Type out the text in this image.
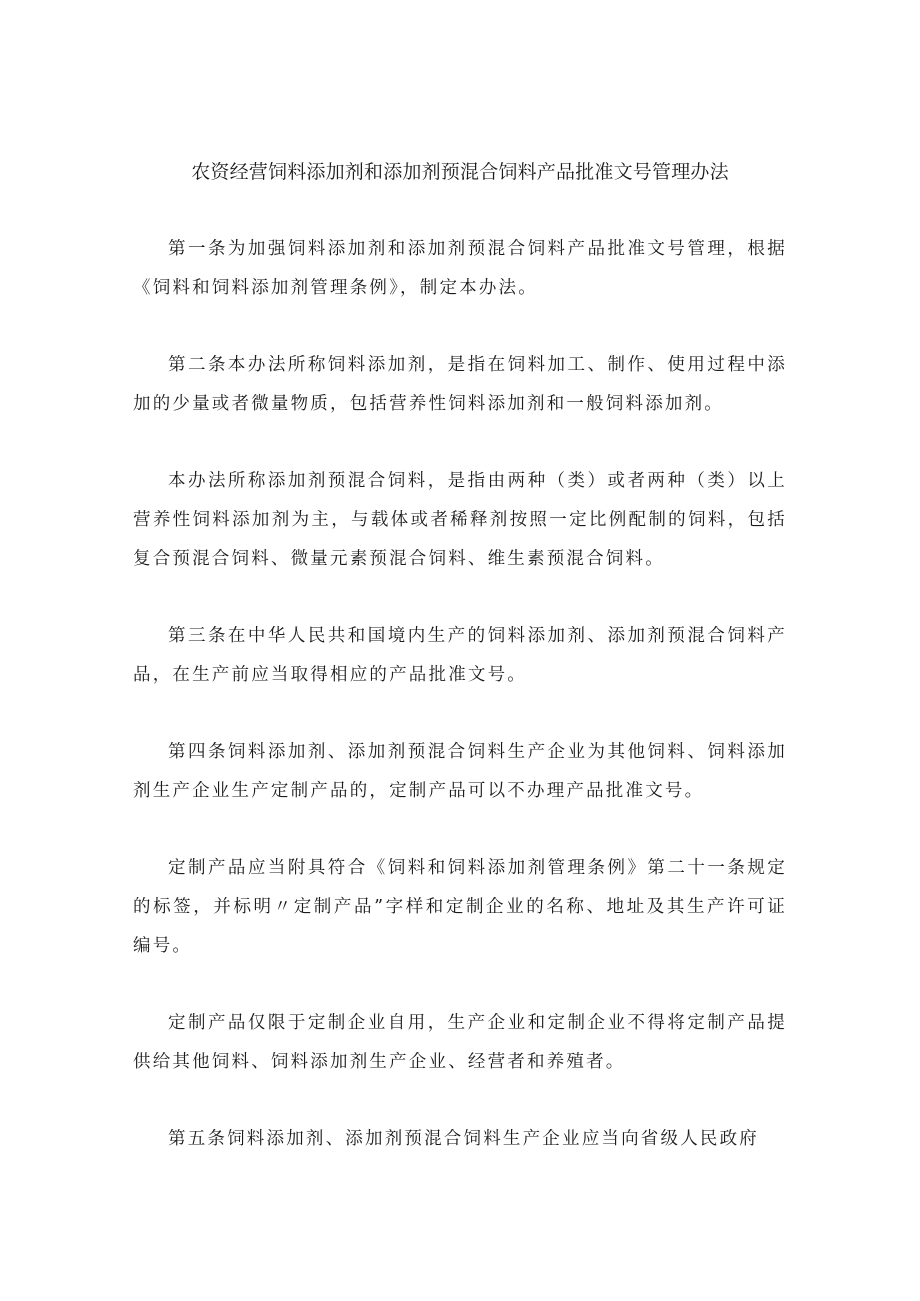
农资经营饲料添加剂和添加剂预混合饲料产品批准文号管理办法

第一条为加强饲料添加剂和添加剂预混合饲料产品批准文号管理，根据《饲料和饲料添加剂管理条例》，制定本办法。

第二条本办法所称饲料添加剂，是指在饲料加工、制作、使用过程中添加的少量或者微量物质，包括营养性饲料添加剂和一般饲料添加剂。

本办法所称添加剂预混合饲料，是指由两种（类）或者两种（类）以上营养性饲料添加剂为主，与载体或者稀释剂按照一定比例配制的饲料，包括复合预混合饲料、微量元素预混合饲料、维生素预混合饲料。

第三条在中华人民共和国境内生产的饲料添加剂、添加剂预混合饲料产品，在生产前应当取得相应的产品批准文号。

第四条饲料添加剂、添加剂预混合饲料生产企业为其他饲料、饲料添加剂生产企业生产定制产品的，定制产品可以不办理产品批准文号。

定制产品应当附具符合《饲料和饲料添加剂管理条例》第二十一条规定的标签，并标明〃定制产品”字样和定制企业的名称、地址及其生产许可证编号。

定制产品仅限于定制企业自用，生产企业和定制企业不得将定制产品提供给其他饲料、饲料添加剂生产企业、经营者和养殖者。

第五条饲料添加剂、添加剂预混合饲料生产企业应当向省级人民政府
